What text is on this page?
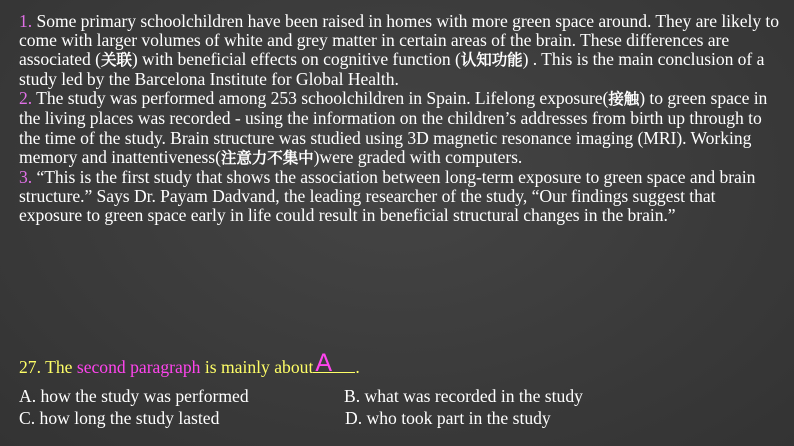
1. Some primary schoolchildren have been raised in homes with more green space around. They are likely to come with larger volumes of white and grey matter in certain areas of the brain. These differences are associated (关联) with beneficial effects on cognitive function (认知功能) . This is the main conclusion of a study led by the Barcelona Institute for Global Health.

2. The study was performed among 253 schoolchildren in Spain. Lifelong exposure(接触) to green space in the living places was recorded - using the information on the children’s addresses from birth up through to the time of the study. Brain structure was studied using 3D magnetic resonance imaging (MRI). Working memory and inattentiveness(注意力不集中)were graded with computers.

3. “This is the first study that shows the association between long-term exposure to green space and brain structure.” Says Dr. Payam Dadvand, the leading researcher of the study, “Our findings suggest that exposure to green space early in life could result in beneficial structural changes in the brain.”

27. The second paragraph is mainly about A .
A. how the study was performed	B. what was recorded in the study
C. how long the study lasted	D. who took part in the study
